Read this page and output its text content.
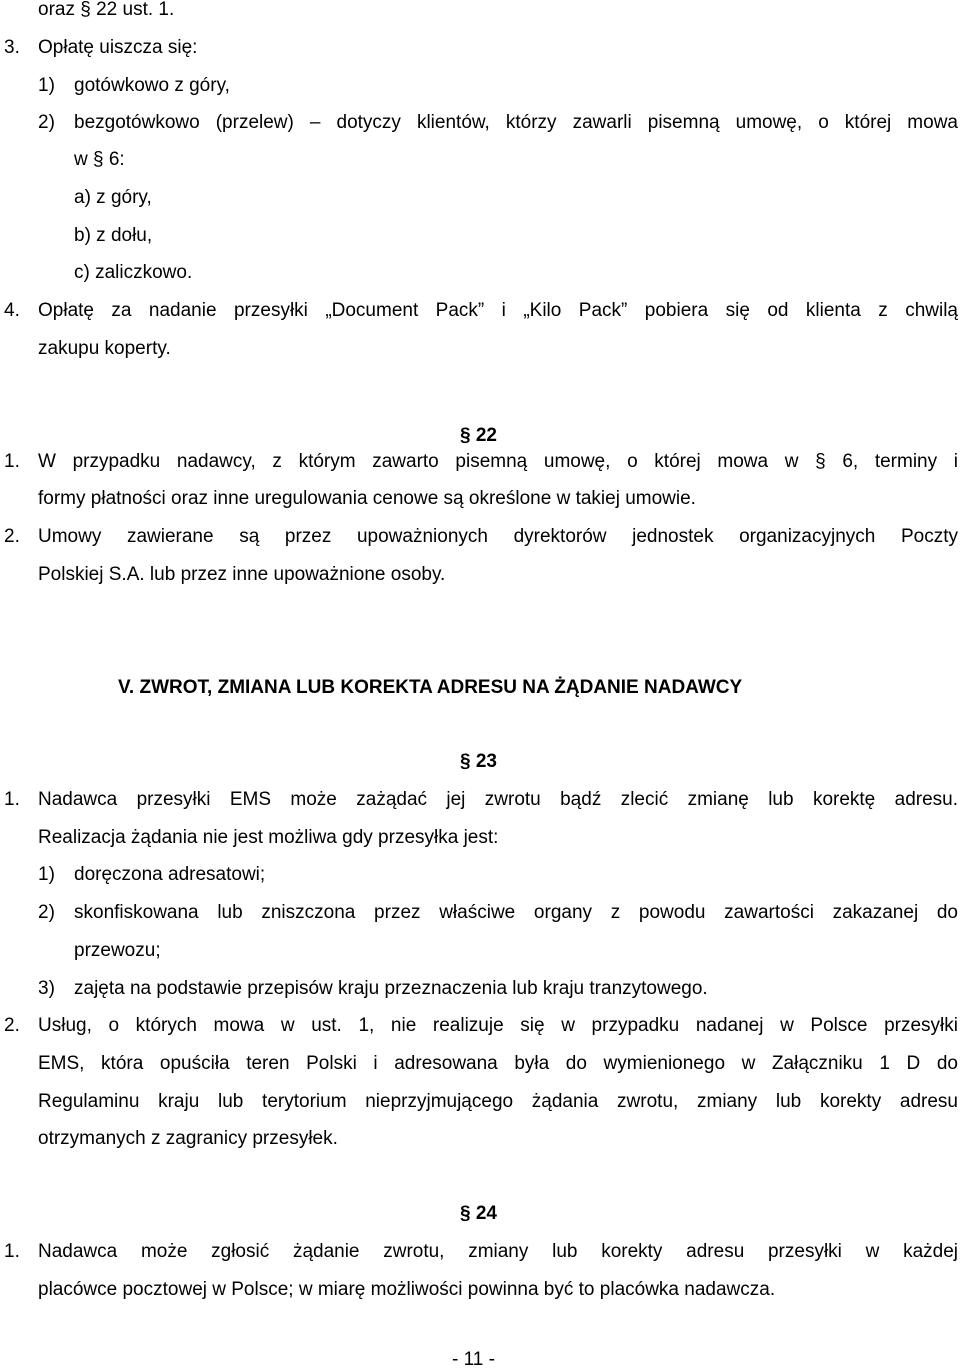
oraz § 22 ust. 1.
3. Opłatę uiszcza się:
1) gotówkowo z góry,
2) bezgotówkowo (przelew) – dotyczy klientów, którzy zawarli pisemną umowę, o której mowa
w § 6:
a) z góry,
b) z dołu,
c) zaliczkowo.
4. Opłatę za nadanie przesyłki „Document Pack” i „Kilo Pack” pobiera się od klienta z chwilą
zakupu koperty.
§ 22
1. W przypadku nadawcy, z którym zawarto pisemną umowę, o której mowa w § 6, terminy i
formy płatności oraz inne uregulowania cenowe są określone w takiej umowie.
2. Umowy zawierane są przez upoważnionych dyrektorów jednostek organizacyjnych Poczty
Polskiej S.A. lub przez inne upoważnione osoby.
V. ZWROT, ZMIANA LUB KOREKTA ADRESU NA ŻĄDANIE NADAWCY
§ 23
1. Nadawca przesyłki EMS może zażądać jej zwrotu bądź zlecić zmianę lub korektę adresu.
Realizacja żądania nie jest możliwa gdy przesyłka jest:
1) doręczona adresatowi;
2) skonfiskowana lub zniszczona przez właściwe organy z powodu zawartości zakazanej do
przewozu;
3) zajęta na podstawie przepisów kraju przeznaczenia lub kraju tranzytowego.
2. Usług, o których mowa w ust. 1, nie realizuje się w przypadku nadanej w Polsce przesyłki
EMS, która opuściła teren Polski i adresowana była do wymienionego w Załączniku 1 D do
Regulaminu kraju lub terytorium nieprzyjmującego żądania zwrotu, zmiany lub korekty adresu
otrzymanych z zagranicy przesyłek.
§ 24
1. Nadawca może zgłosić żądanie zwrotu, zmiany lub korekty adresu przesyłki w każdej
placówce pocztowej w Polsce; w miarę możliwości powinna być to placówka nadawcza.
- 11 -
